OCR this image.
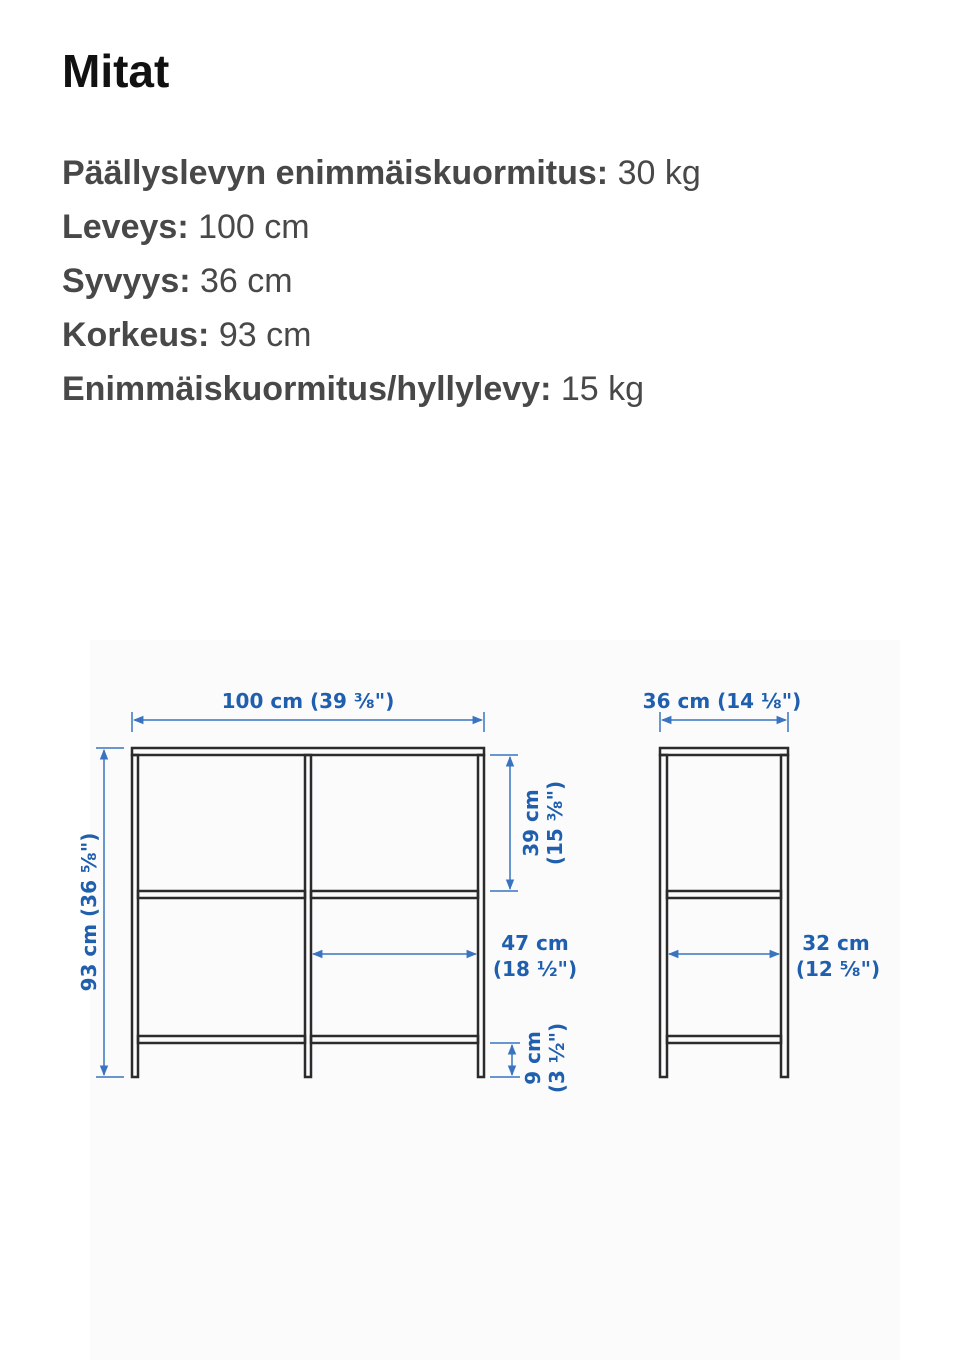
Mitat
Päällyslevyn enimmäiskuormitus: 30 kg
Leveys: 100 cm
Syvyys: 36 cm
Korkeus: 93 cm
Enimmäiskuormitus/hyllylevy: 15 kg
100 cm (39 ³⁄₈")
93 cm (36 ⁵⁄₈")
39 cm (15 ³⁄₈")
47 cm
(18 ½")
9 cm (3 ½")
36 cm (14 ⅛")
32 cm
(12 ⁵⁄₈")
